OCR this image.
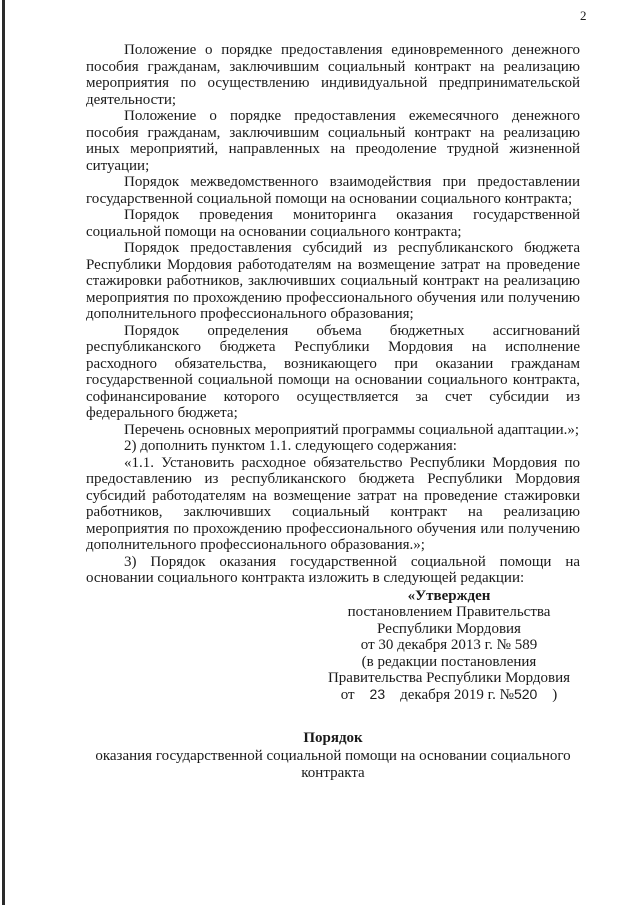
2

Положение о порядке предоставления единовременного денежного пособия гражданам, заключившим социальный контракт на реализацию мероприятия по осуществлению индивидуальной предпринимательской деятельности;

Положение о порядке предоставления ежемесячного денежного пособия гражданам, заключившим социальный контракт на реализацию иных мероприятий, направленных на преодоление трудной жизненной ситуации;

Порядок межведомственного взаимодействия при предоставлении государственной социальной помощи на основании социального контракта;

Порядок проведения мониторинга оказания государственной социальной помощи на основании социального контракта;

Порядок предоставления субсидий из республиканского бюджета Республики Мордовия работодателям на возмещение затрат на проведение стажировки работников, заключивших социальный контракт на реализацию мероприятия по прохождению профессионального обучения или получению дополнительного профессионального образования;

Порядок определения объема бюджетных ассигнований республиканского бюджета Республики Мордовия на исполнение расходного обязательства, возникающего при оказании гражданам государственной социальной помощи на основании социального контракта, софинансирование которого осуществляется за счет субсидии из федерального бюджета;

Перечень основных мероприятий программы социальной адаптации.»;

2) дополнить пунктом 1.1. следующего содержания:

«1.1. Установить расходное обязательство Республики Мордовия по предоставлению из республиканского бюджета Республики Мордовия субсидий работодателям на возмещение затрат на проведение стажировки работников, заключивших социальный контракт на реализацию мероприятия по прохождению профессионального обучения или получению дополнительного профессионального образования.»;

3) Порядок оказания государственной социальной помощи на основании социального контракта изложить в следующей редакции:

«Утвержден
постановлением Правительства
Республики Мордовия
от 30 декабря 2013 г. № 589
(в редакции постановления
Правительства Республики Мордовия
от 23 декабря 2019 г. №520 )
Порядок
оказания государственной социальной помощи на основании социального контракта
